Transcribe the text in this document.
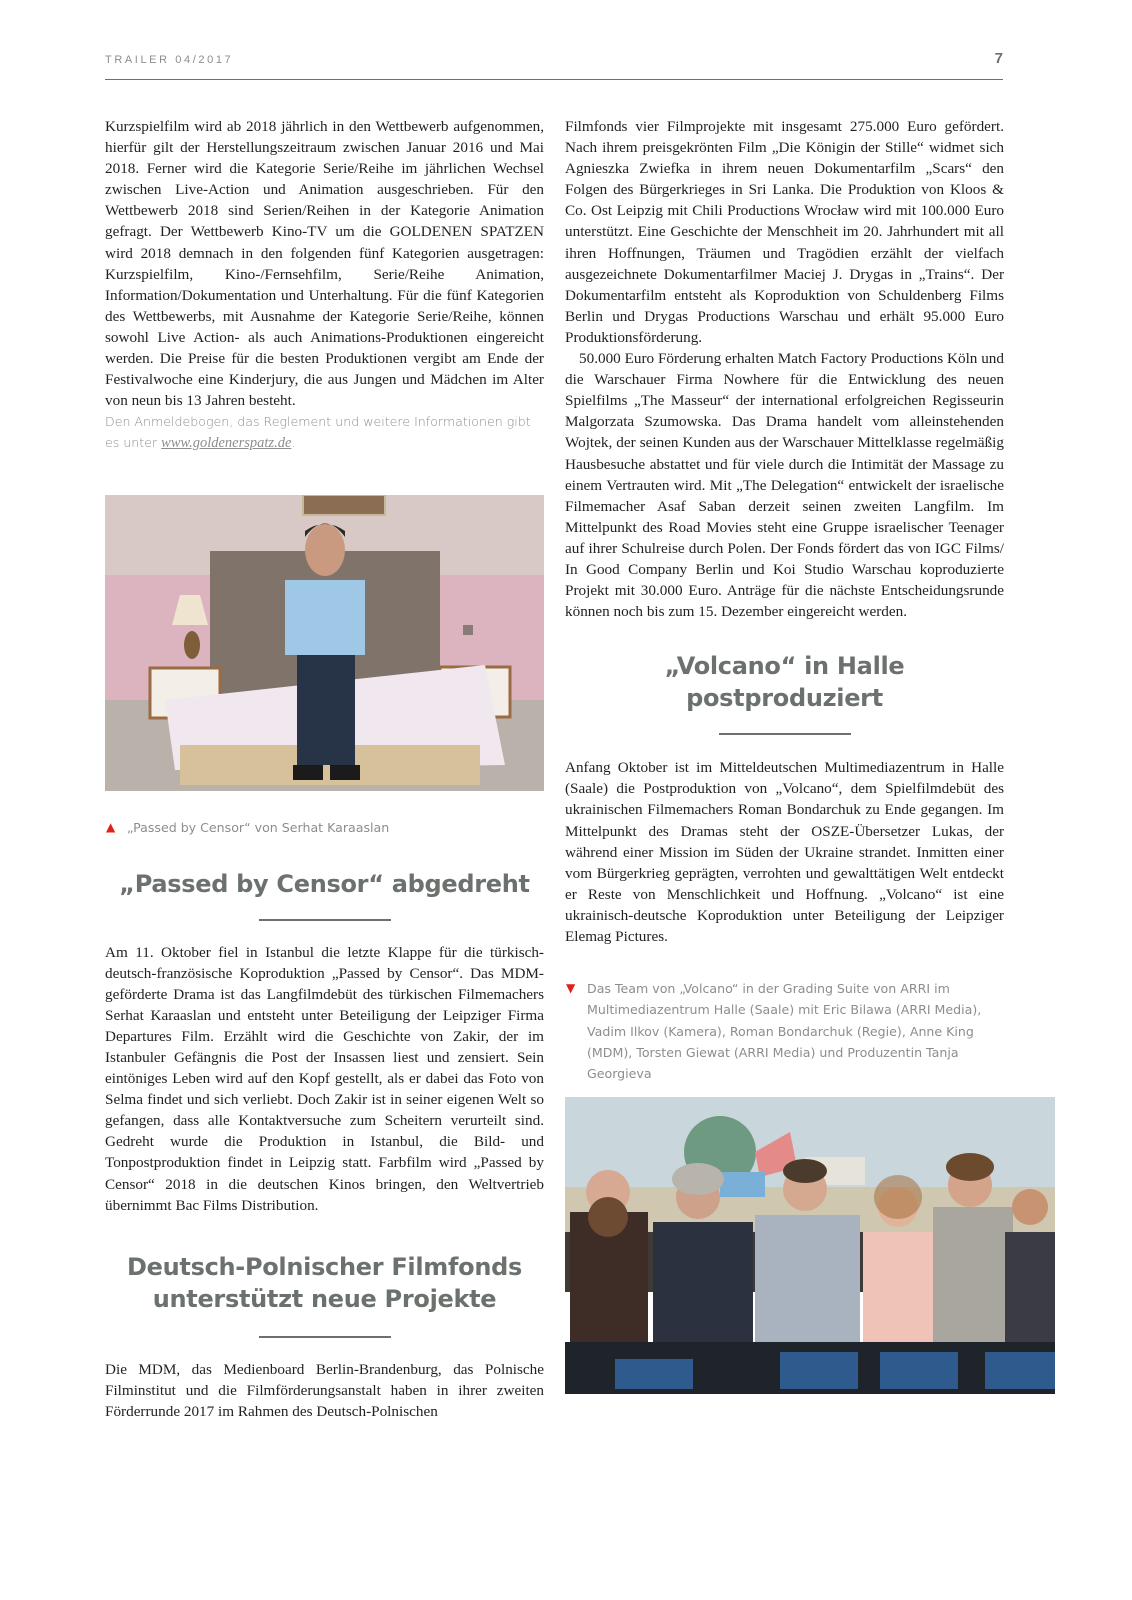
TRAILER 04/2017	7

Kurzspielfilm wird ab 2018 jährlich in den Wettbewerb aufgenommen, hierfür gilt der Herstellungszeitraum zwischen Januar 2016 und Mai 2018. Ferner wird die Kategorie Serie/Reihe im jährlichen Wechsel zwischen Live-Action und Animation ausgeschrieben. Für den Wettbewerb 2018 sind Serien/Reihen in der Kategorie Animation gefragt. Der Wettbewerb Kino-TV um die GOLDENEN SPATZEN wird 2018 demnach in den folgenden fünf Kategorien ausgetragen: Kurzspielfilm, Kino-/Fernsehfilm, Serie/Reihe Animation, Information/Dokumentation und Unterhaltung. Für die fünf Kategorien des Wettbewerbs, mit Ausnahme der Kategorie Serie/Reihe, können sowohl Live Action- als auch Animations-Produktionen eingereicht werden. Die Preise für die besten Produktionen vergibt am Ende der Festivalwoche eine Kinderjury, die aus Jungen und Mädchen im Alter von neun bis 13 Jahren besteht.

Den Anmeldebogen, das Reglement und weitere Informationen gibt es unter www.goldenerspatz.de.
▲ „Passed by Censor“ von Serhat Karaaslan
„Passed by Censor“ abgedreht

Am 11. Oktober fiel in Istanbul die letzte Klappe für die türkisch-deutsch-französische Koproduktion „Passed by Censor“. Das MDM-geförderte Drama ist das Langfilmdebüt des türkischen Filmemachers Serhat Karaaslan und entsteht unter Beteiligung der Leipziger Firma Departures Film. Erzählt wird die Geschichte von Zakir, der im Istanbuler Gefängnis die Post der Insassen liest und zensiert. Sein eintöniges Leben wird auf den Kopf gestellt, als er dabei das Foto von Selma findet und sich verliebt. Doch Zakir ist in seiner eigenen Welt so gefangen, dass alle Kontaktversuche zum Scheitern verurteilt sind. Gedreht wurde die Produktion in Istanbul, die Bild- und Tonpostproduktion findet in Leipzig statt. Farbfilm wird „Passed by Censor“ 2018 in die deutschen Kinos bringen, den Weltvertrieb übernimmt Bac Films Distribution.

Deutsch-Polnischer Filmfonds
unterstützt neue Projekte

Die MDM, das Medienboard Berlin-Brandenburg, das Polnische Filminstitut und die Filmförderungsanstalt haben in ihrer zweiten Förderrunde 2017 im Rahmen des Deutsch-Polnischen

Filmfonds vier Filmprojekte mit insgesamt 275.000 Euro gefördert. Nach ihrem preisgekrönten Film „Die Königin der Stille“ widmet sich Agnieszka Zwiefka in ihrem neuen Dokumentarfilm „Scars“ den Folgen des Bürgerkrieges in Sri Lanka. Die Produktion von Kloos & Co. Ost Leipzig mit Chili Productions Wrocław wird mit 100.000 Euro unterstützt. Eine Geschichte der Menschheit im 20. Jahrhundert mit all ihren Hoffnungen, Träumen und Tragödien erzählt der vielfach ausgezeichnete Dokumentarfilmer Maciej J. Drygas in „Trains“. Der Dokumentarfilm entsteht als Koproduktion von Schuldenberg Films Berlin und Drygas Productions Warschau und erhält 95.000 Euro Produktionsförderung.

50.000 Euro Förderung erhalten Match Factory Productions Köln und die Warschauer Firma Nowhere für die Entwicklung des neuen Spielfilms „The Masseur“ der international erfolgreichen Regisseurin Malgorzata Szumowska. Das Drama handelt vom alleinstehenden Wojtek, der seinen Kunden aus der Warschauer Mittelklasse regelmäßig Hausbesuche abstattet und für viele durch die Intimität der Massage zu einem Vertrauten wird. Mit „The Delegation“ entwickelt der israelische Filmemacher Asaf Saban derzeit seinen zweiten Langfilm. Im Mittelpunkt des Road Movies steht eine Gruppe israelischer Teenager auf ihrer Schulreise durch Polen. Der Fonds fördert das von IGC Films/ In Good Company Berlin und Koi Studio Warschau koproduzierte Projekt mit 30.000 Euro. Anträge für die nächste Entscheidungsrunde können noch bis zum 15. Dezember eingereicht werden.

„Volcano“ in Halle postproduziert

Anfang Oktober ist im Mitteldeutschen Multimediazentrum in Halle (Saale) die Postproduktion von „Volcano“, dem Spielfilmdebüt des ukrainischen Filmemachers Roman Bondarchuk zu Ende gegangen. Im Mittelpunkt des Dramas steht der OSZE-Übersetzer Lukas, der während einer Mission im Süden der Ukraine strandet. Inmitten einer vom Bürgerkrieg geprägten, verrohten und gewalttätigen Welt entdeckt er Reste von Menschlichkeit und Hoffnung. „Volcano“ ist eine ukrainisch-deutsche Koproduktion unter Beteiligung der Leipziger Elemag Pictures.

▼ Das Team von „Volcano“ in der Grading Suite von ARRI im Multimediazentrum Halle (Saale) mit Eric Bilawa (ARRI Media), Vadim Ilkov (Kamera), Roman Bondarchuk (Regie), Anne King (MDM), Torsten Giewat (ARRI Media) und Produzentin Tanja Georgieva
